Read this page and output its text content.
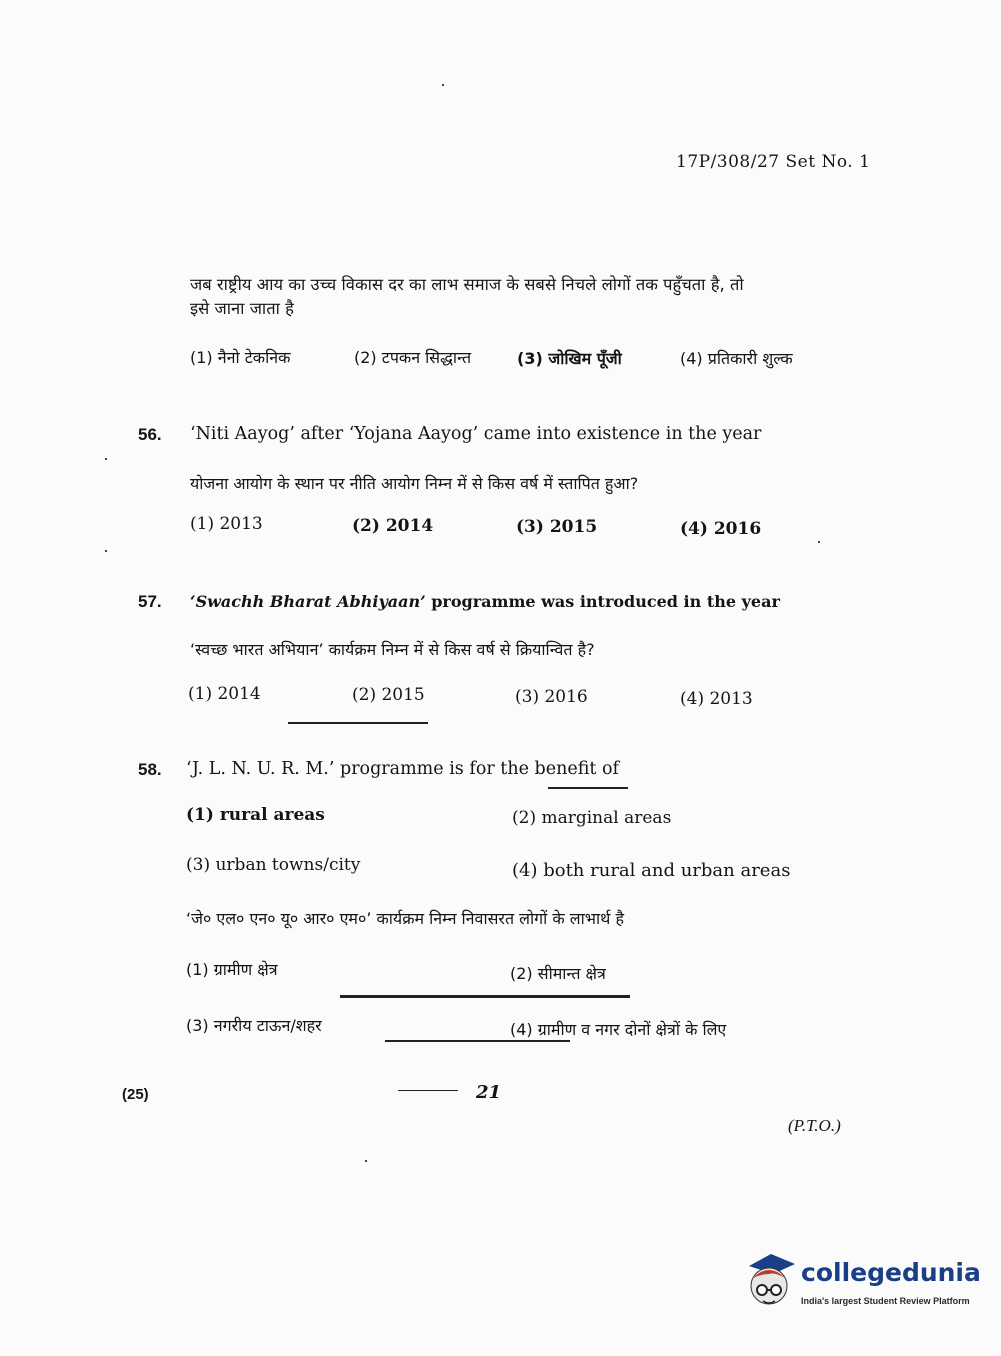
17P/308/27 Set No. 1
जब राष्ट्रीय आय का उच्च विकास दर का लाभ समाज के सबसे निचले लोगों तक पहुँचता है, तो
इसे जाना जाता है
(1) नैनो टेकनिक	(2) टपकन सिद्धान्त	(3) जोखिम पूँजी	(4) प्रतिकारी शुल्क
56. ‘Niti Aayog’ after ‘Yojana Aayog’ came into existence in the year
योजना आयोग के स्थान पर नीति आयोग निम्न में से किस वर्ष में स्तापित हुआ?
(1) 2013	(2) 2014	(3) 2015	(4) 2016
57. ‘Swachh Bharat Abhiyaan’ programme was introduced in the year
‘स्वच्छ भारत अभियान’ कार्यक्रम निम्न में से किस वर्ष से क्रियान्वित है?
(1) 2014	(2) 2015	(3) 2016	(4) 2013
58. ‘J. L. N. U. R. M.’ programme is for the benefit of
(1) rural areas	(2) marginal areas
(3) urban towns/city	(4) both rural and urban areas
‘जे० एल० एन० यू० आर० एम०’ कार्यक्रम निम्न निवासरत लोगों के लाभार्थ है
(1) ग्रामीण क्षेत्र	(2) सीमान्त क्षेत्र
(3) नगरीय टाऊन/शहर	(4) ग्रामीण व नगर दोनों क्षेत्रों के लिए
(25)	21
(P.T.O.)
collegedunia
India's largest Student Review Platform
